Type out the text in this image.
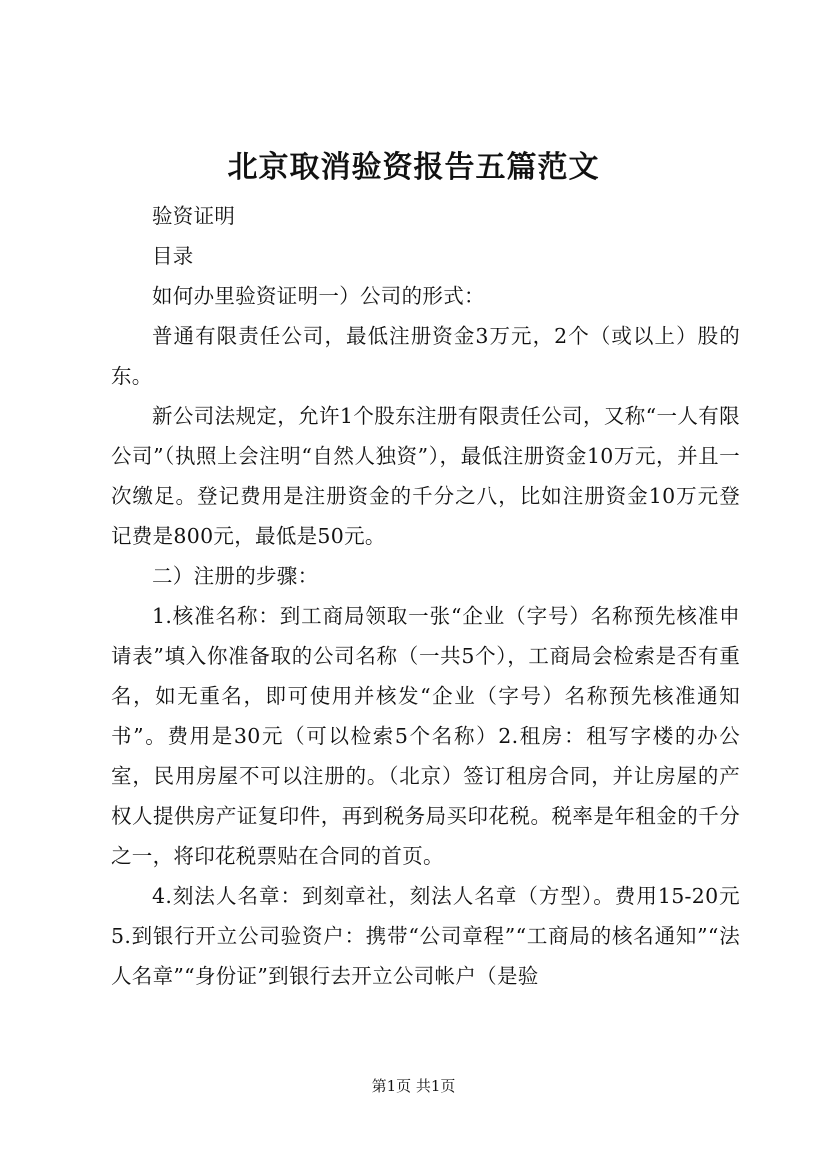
北京取消验资报告五篇范文

验资证明

目录

如何办里验资证明一）公司的形式：

普通有限责任公司，最低注册资金3万元，2个（或以上）股的东。

新公司法规定，允许1个股东注册有限责任公司，又称“一人有限公司”（执照上会注明“自然人独资”），最低注册资金10万元，并且一次缴足。登记费用是注册资金的千分之八，比如注册资金10万元登记费是800元，最低是50元。

二）注册的步骤：

1.核准名称：到工商局领取一张“企业（字号）名称预先核准申请表”填入你准备取的公司名称（一共5个），工商局会检索是否有重名，如无重名，即可使用并核发“企业（字号）名称预先核准通知书”。费用是30元（可以检索5个名称）2.租房：租写字楼的办公室，民用房屋不可以注册的。（北京）签订租房合同，并让房屋的产权人提供房产证复印件，再到税务局买印花税。税率是年租金的千分之一，将印花税票贴在合同的首页。

4.刻法人名章：到刻章社，刻法人名章（方型）。费用15-20元5.到银行开立公司验资户：携带“公司章程”“工商局的核名通知”“法人名章”“身份证”到银行去开立公司帐户（是验

第1页 共1页
